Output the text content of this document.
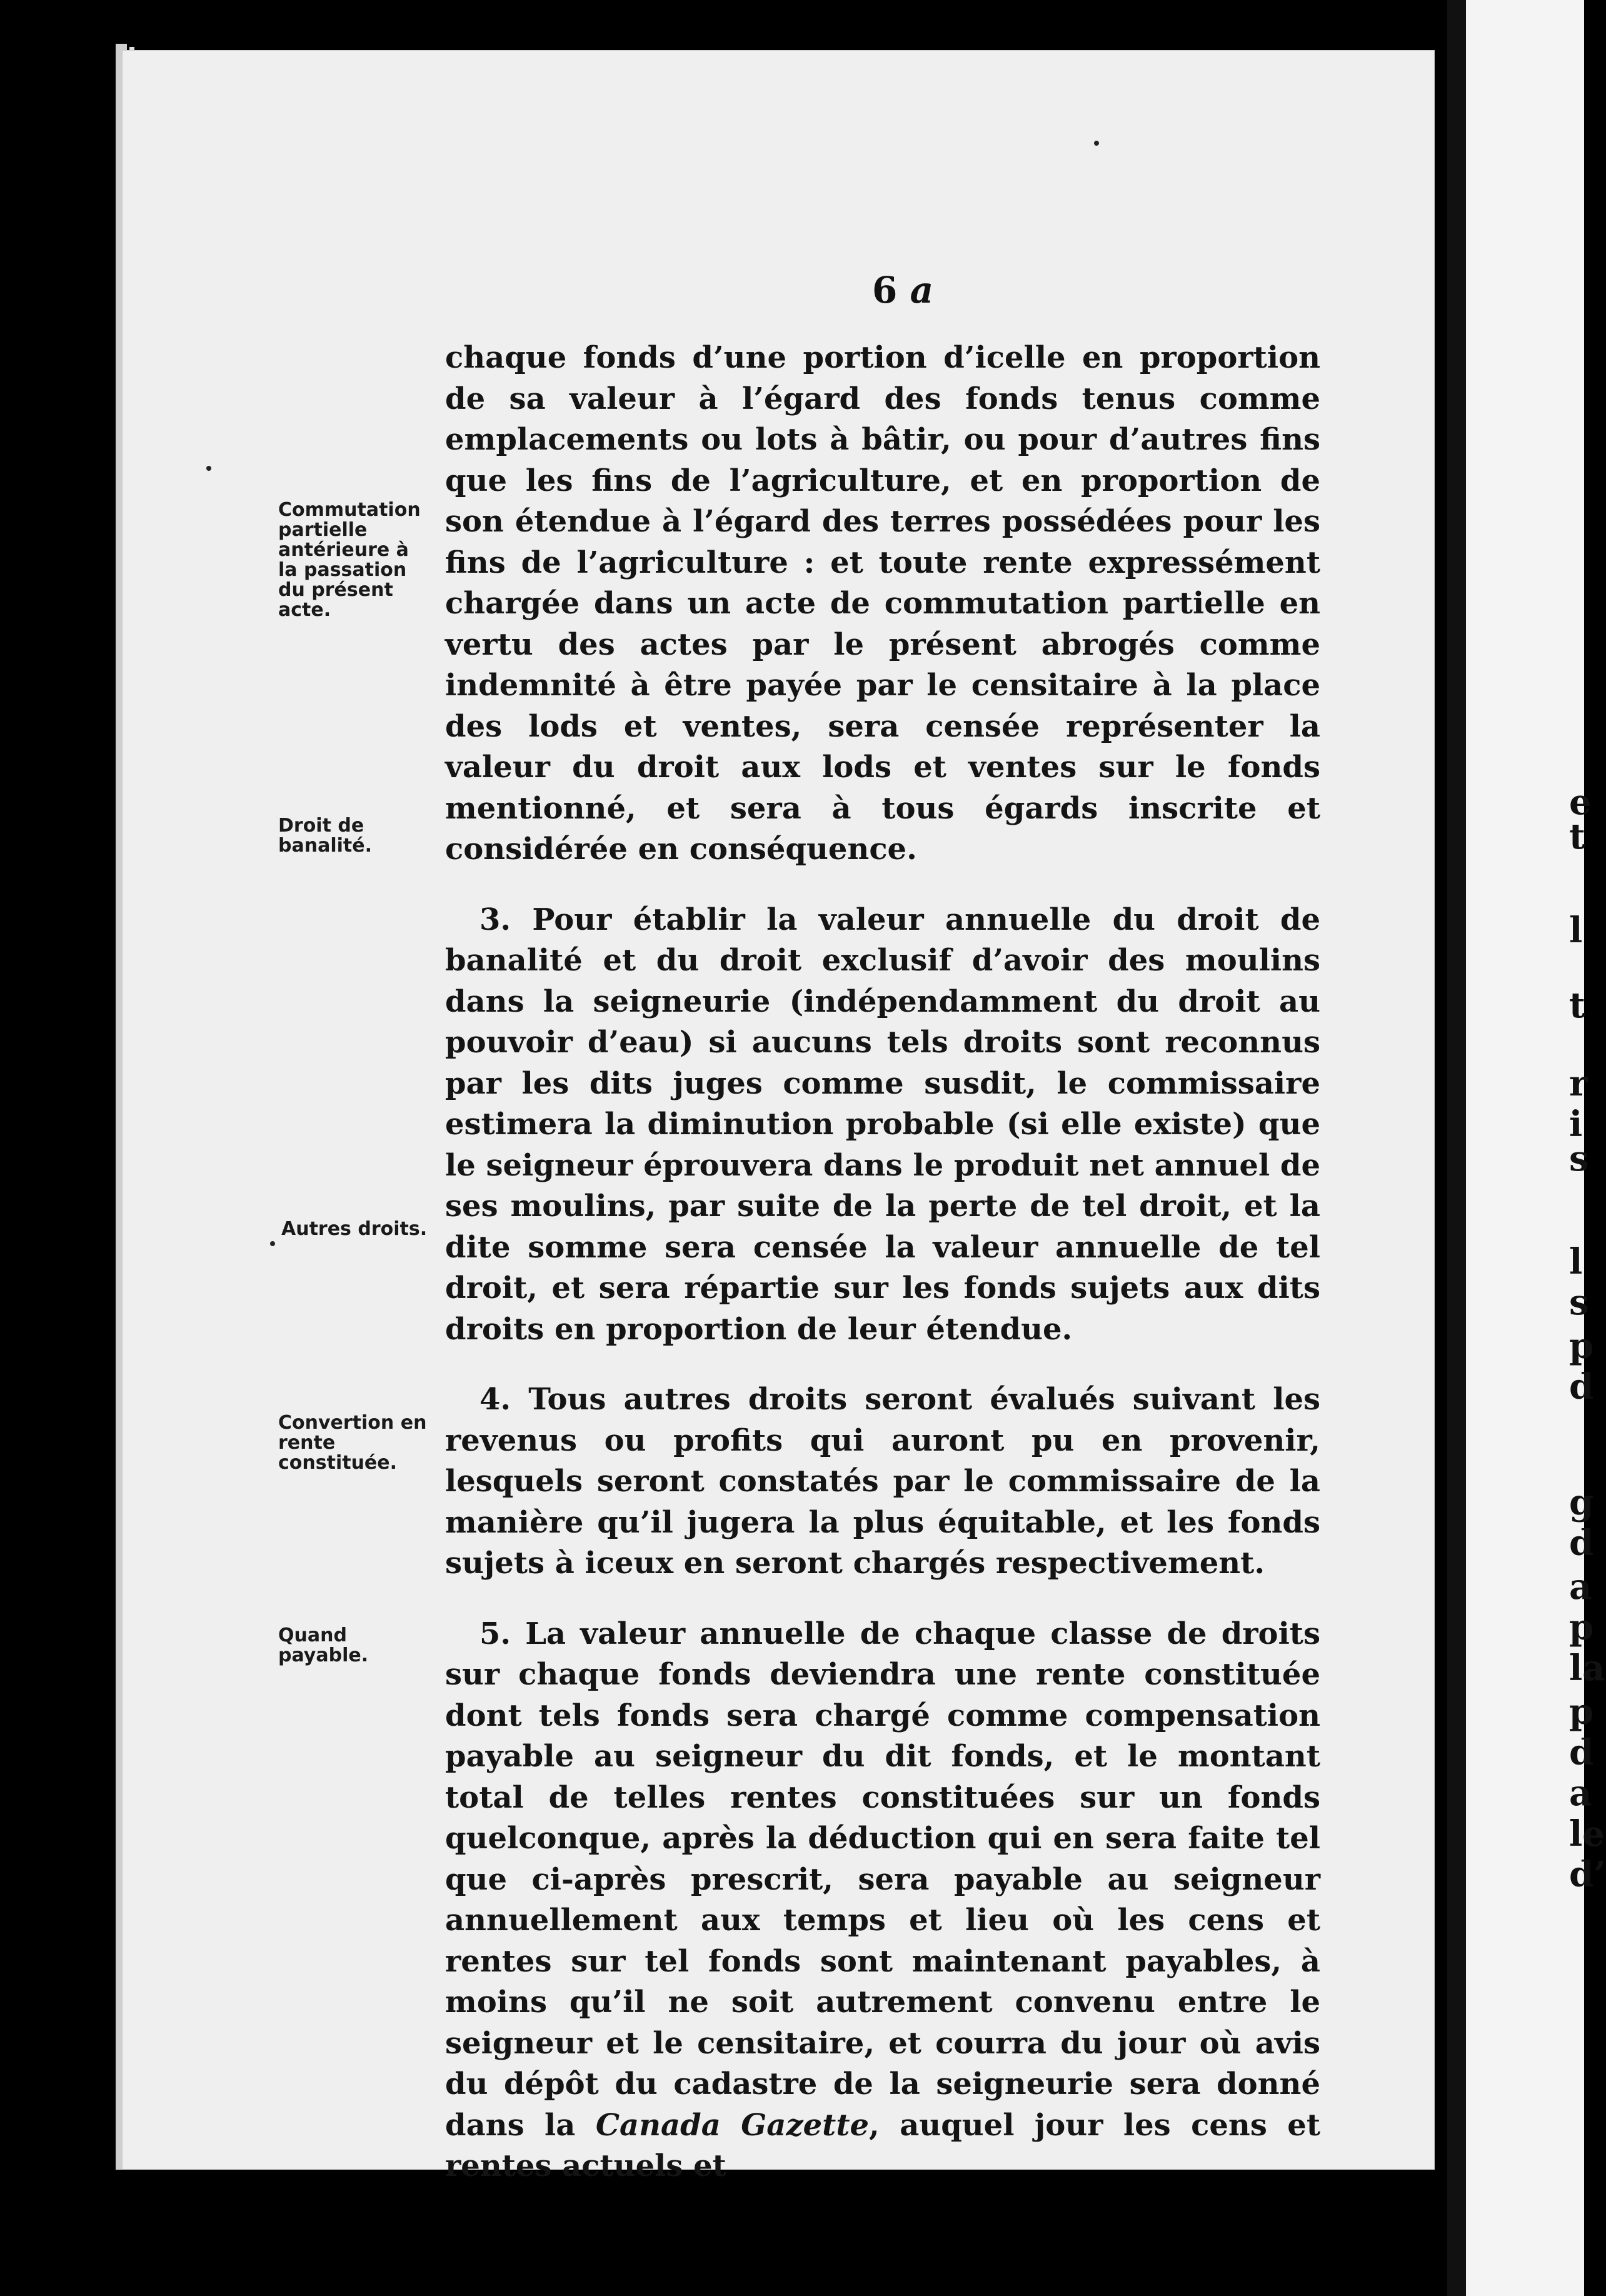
e
t
l
t
r
i
s
l
s
p
d
g
d
a
p
la
p
d
a
le
d’
6 a
Commutation partielle antérieure à la passation du présent acte.
Droit de banalité.
Autres droits.
Convertion en rente constituée.
Quand payable.

chaque fonds d’une portion d’icelle en proportion de sa valeur à l’égard des fonds tenus comme emplacements ou lots à bâtir, ou pour d’autres fins que les fins de l’agriculture, et en proportion de son étendue à l’égard des terres possédées pour les fins de l’agriculture : et toute rente expressément chargée dans un acte de commutation partielle en vertu des actes par le présent abrogés comme indemnité à être payée par le censitaire à la place des lods et ventes, sera censée représenter la valeur du droit aux lods et ventes sur le fonds mentionné, et sera à tous égards inscrite et considérée en conséquence.

3. Pour établir la valeur annuelle du droit de banalité et du droit exclusif d’avoir des moulins dans la seigneurie (indépendamment du droit au pouvoir d’eau) si aucuns tels droits sont reconnus par les dits juges comme susdit, le commissaire estimera la diminution probable (si elle existe) que le seigneur éprouvera dans le produit net annuel de ses moulins, par suite de la perte de tel droit, et la dite somme sera censée la valeur annuelle de tel droit, et sera répartie sur les fonds sujets aux dits droits en proportion de leur étendue.

4. Tous autres droits seront évalués suivant les revenus ou profits qui auront pu en provenir, lesquels seront constatés par le commissaire de la manière qu’il jugera la plus équitable, et les fonds sujets à iceux en seront chargés respectivement.

5. La valeur annuelle de chaque classe de droits sur chaque fonds deviendra une rente constituée dont tels fonds sera chargé comme compensation payable au seigneur du dit fonds, et le montant total de telles rentes constituées sur un fonds quelconque, après la déduction qui en sera faite tel que ci-après prescrit, sera payable au seigneur annuellement aux temps et lieu où les cens et rentes sur tel fonds sont maintenant payables, à moins qu’il ne soit autrement convenu entre le seigneur et le censitaire, et courra du jour où avis du dépôt du cadastre de la seigneurie sera donné dans la Canada Gazette, auquel jour les cens et rentes actuels et
